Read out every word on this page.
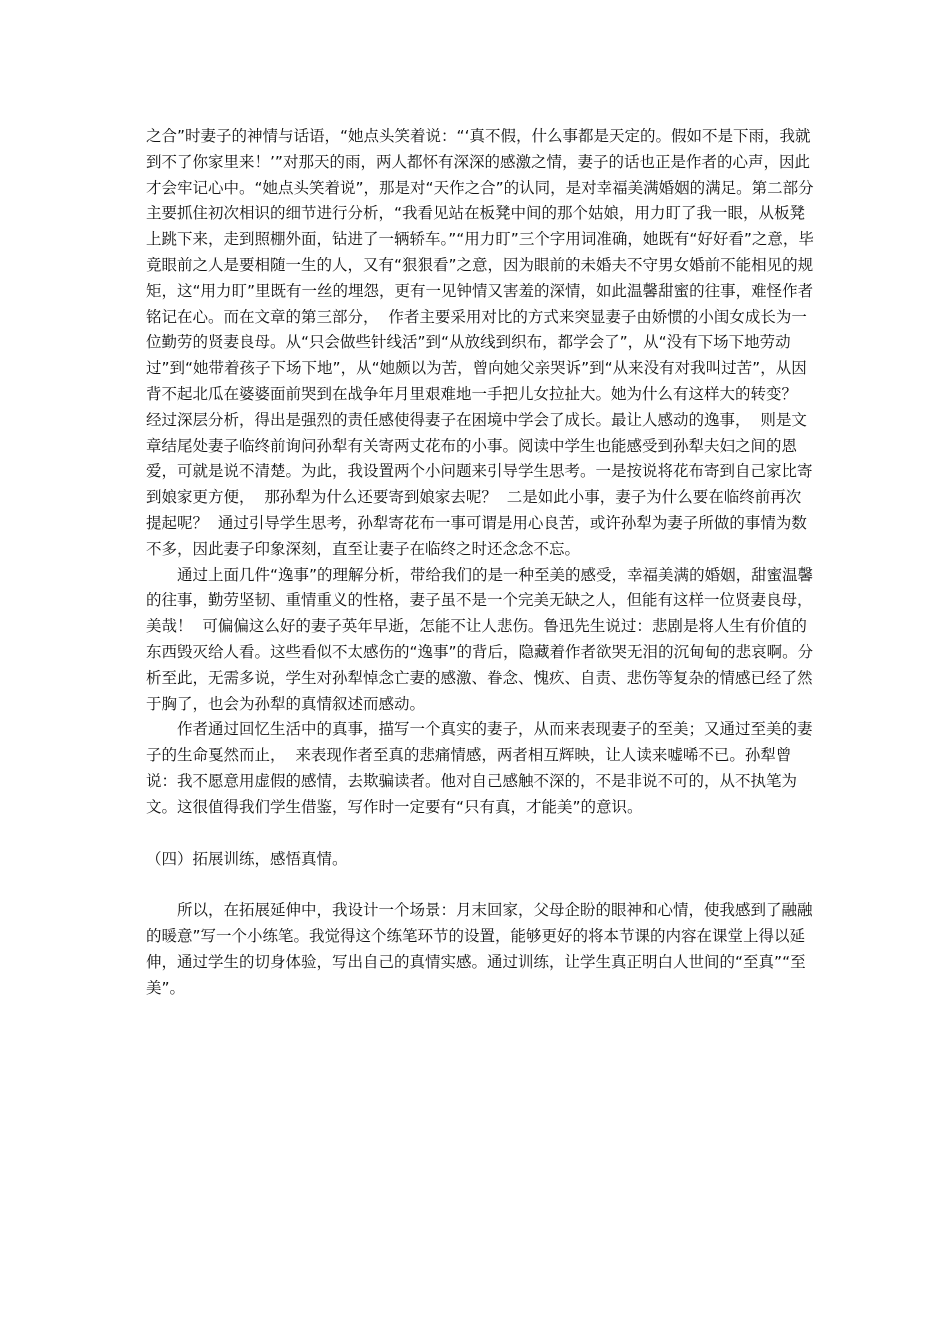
之合”时妻子的神情与话语，“她点头笑着说：“‘真不假，什么事都是天定的。假如不是下雨，我就到不了你家里来！’”对那天的雨，两人都怀有深深的感激之情，妻子的话也正是作者的心声，因此才会牢记心中。“她点头笑着说”，那是对“天作之合”的认同，是对幸福美满婚姻的满足。第二部分主要抓住初次相识的细节进行分析，“我看见站在板凳中间的那个姑娘，用力盯了我一眼，从板凳上跳下来，走到照棚外面，钻进了一辆轿车。”“用力盯”三个字用词准确，她既有“好好看”之意，毕竟眼前之人是要相随一生的人，又有“狠狠看”之意，因为眼前的未婚夫不守男女婚前不能相见的规矩，这“用力盯”里既有一丝的埋怨，更有一见钟情又害羞的深情，如此温馨甜蜜的往事，难怪作者铭记在心。而在文章的第三部分，  作者主要采用对比的方式来突显妻子由娇惯的小闺女成长为一位勤劳的贤妻良母。从“只会做些针线活”到“从放线到织布，都学会了”，从“没有下场下地劳动过”到“她带着孩子下场下地”，从“她颇以为苦，曾向她父亲哭诉”到“从来没有对我叫过苦”，从因背不起北瓜在婆婆面前哭到在战争年月里艰难地一手把儿女拉扯大。她为什么有这样大的转变？  经过深层分析，得出是强烈的责任感使得妻子在困境中学会了成长。最让人感动的逸事，  则是文章结尾处妻子临终前询问孙犁有关寄两丈花布的小事。阅读中学生也能感受到孙犁夫妇之间的恩爱，可就是说不清楚。为此，我设置两个小问题来引导学生思考。一是按说将花布寄到自己家比寄到娘家更方便，  那孙犁为什么还要寄到娘家去呢？  二是如此小事，妻子为什么要在临终前再次提起呢？  通过引导学生思考，孙犁寄花布一事可谓是用心良苦，或许孙犁为妻子所做的事情为数不多，因此妻子印象深刻，直至让妻子在临终之时还念念不忘。

通过上面几件“逸事”的理解分析，带给我们的是一种至美的感受，幸福美满的婚姻，甜蜜温馨的往事，勤劳坚韧、重情重义的性格，妻子虽不是一个完美无缺之人，但能有这样一位贤妻良母，美哉！  可偏偏这么好的妻子英年早逝，怎能不让人悲伤。鲁迅先生说过：悲剧是将人生有价值的东西毁灭给人看。这些看似不太感伤的“逸事”的背后，隐藏着作者欲哭无泪的沉甸甸的悲哀啊。分析至此，无需多说，学生对孙犁悼念亡妻的感激、眷念、愧疚、自责、悲伤等复杂的情感已经了然于胸了，也会为孙犁的真情叙述而感动。

作者通过回忆生活中的真事，描写一个真实的妻子，从而来表现妻子的至美；又通过至美的妻子的生命戛然而止，  来表现作者至真的悲痛情感，两者相互辉映，让人读来嘘唏不已。孙犁曾说：我不愿意用虚假的感情，去欺骗读者。他对自己感触不深的，不是非说不可的，从不执笔为文。这很值得我们学生借鉴，写作时一定要有“只有真，才能美”的意识。

（四）拓展训练，感悟真情。

所以，在拓展延伸中，我设计一个场景：月末回家，父母企盼的眼神和心情，使我感到了融融的暖意”写一个小练笔。我觉得这个练笔环节的设置，能够更好的将本节课的内容在课堂上得以延伸，通过学生的切身体验，写出自己的真情实感。通过训练，让学生真正明白人世间的“至真”“至美”。
